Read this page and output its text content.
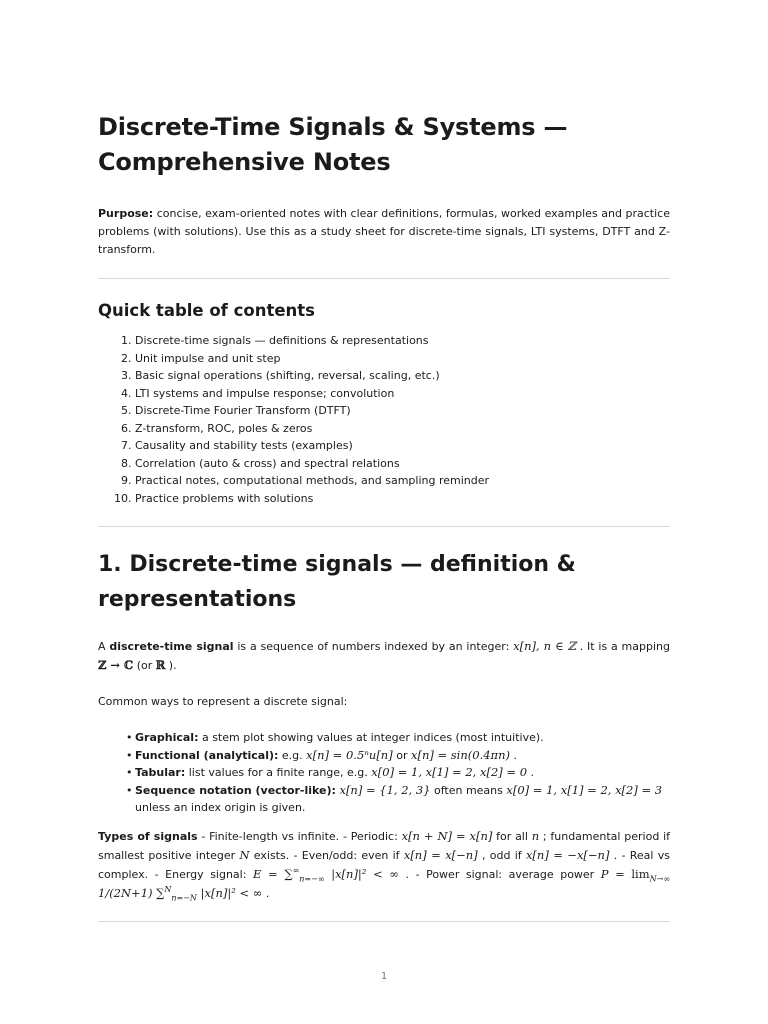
Discrete-Time Signals & Systems —
Comprehensive Notes

Purpose: concise, exam-oriented notes with clear definitions, formulas, worked examples and practice problems (with solutions). Use this as a study sheet for discrete-time signals, LTI systems, DTFT and Z-transform.

Quick table of contents
1. Discrete-time signals — definitions & representations
2. Unit impulse and unit step
3. Basic signal operations (shifting, reversal, scaling, etc.)
4. LTI systems and impulse response; convolution
5. Discrete-Time Fourier Transform (DTFT)
6. Z-transform, ROC, poles & zeros
7. Causality and stability tests (examples)
8. Correlation (auto & cross) and spectral relations
9. Practical notes, computational methods, and sampling reminder
10. Practice problems with solutions
1. Discrete-time signals — definition &
representations

A discrete-time signal is a sequence of numbers indexed by an integer: x[n], n ∈ ℤ . It is a mapping ℤ → ℂ (or ℝ ).

Common ways to represent a discrete signal:

• Graphical: a stem plot showing values at integer indices (most intuitive).
• Functional (analytical): e.g. x[n] = 0.5ⁿu[n] or x[n] = sin(0.4πn) .
• Tabular: list values for a finite range, e.g. x[0] = 1, x[1] = 2, x[2] = 0 .
• Sequence notation (vector-like): x[n] = {1, 2, 3} often means x[0] = 1, x[1] = 2, x[2] = 3 unless an index origin is given.

Types of signals - Finite-length vs infinite. - Periodic: x[n + N] = x[n] for all n ; fundamental period if smallest positive integer N exists. - Even/odd: even if x[n] = x[−n] , odd if x[n] = −x[−n] . - Real vs complex. - Energy signal: $E = \sum^\infty_{n=-\infty}$ |x[n]|² < ∞ . - Power signal: average power $P = \lim_{N\to\infty} 1/(2N+1)$ ∑$^N_{n=-N}$ |x[n]|² < ∞ .

1
